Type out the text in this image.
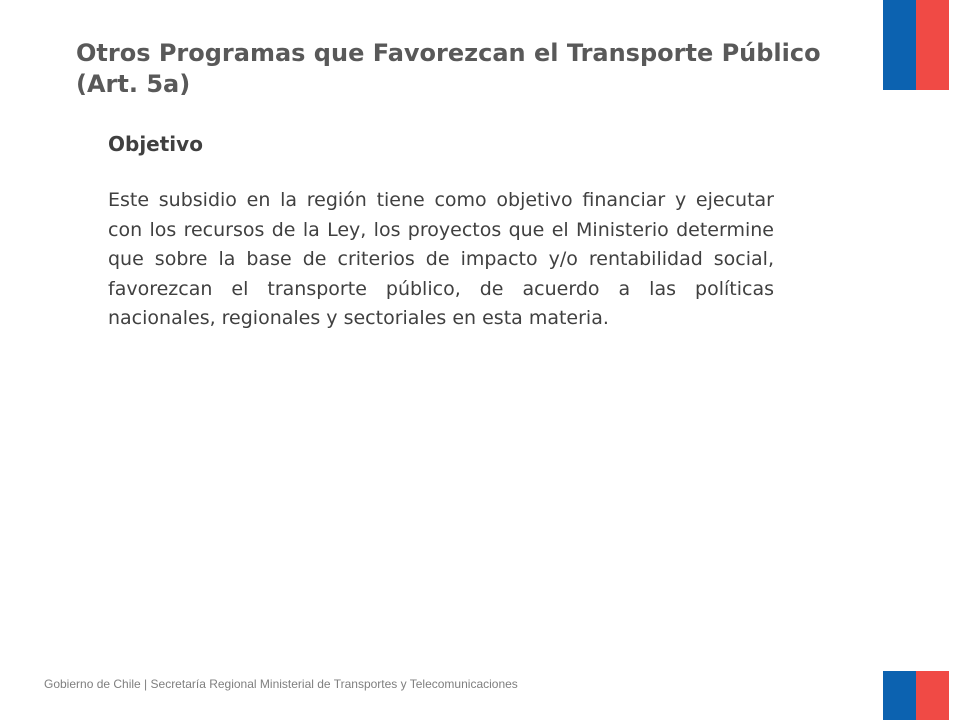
Otros Programas que Favorezcan el Transporte Público (Art. 5a)
Objetivo

Este subsidio en la región tiene como objetivo financiar y ejecutar con los recursos de la Ley, los proyectos que el Ministerio determine que sobre la base de criterios de impacto y/o rentabilidad social, favorezcan el transporte público, de acuerdo a las políticas nacionales, regionales y sectoriales en esta materia.

Gobierno de Chile | Secretaría Regional Ministerial de Transportes y Telecomunicaciones
